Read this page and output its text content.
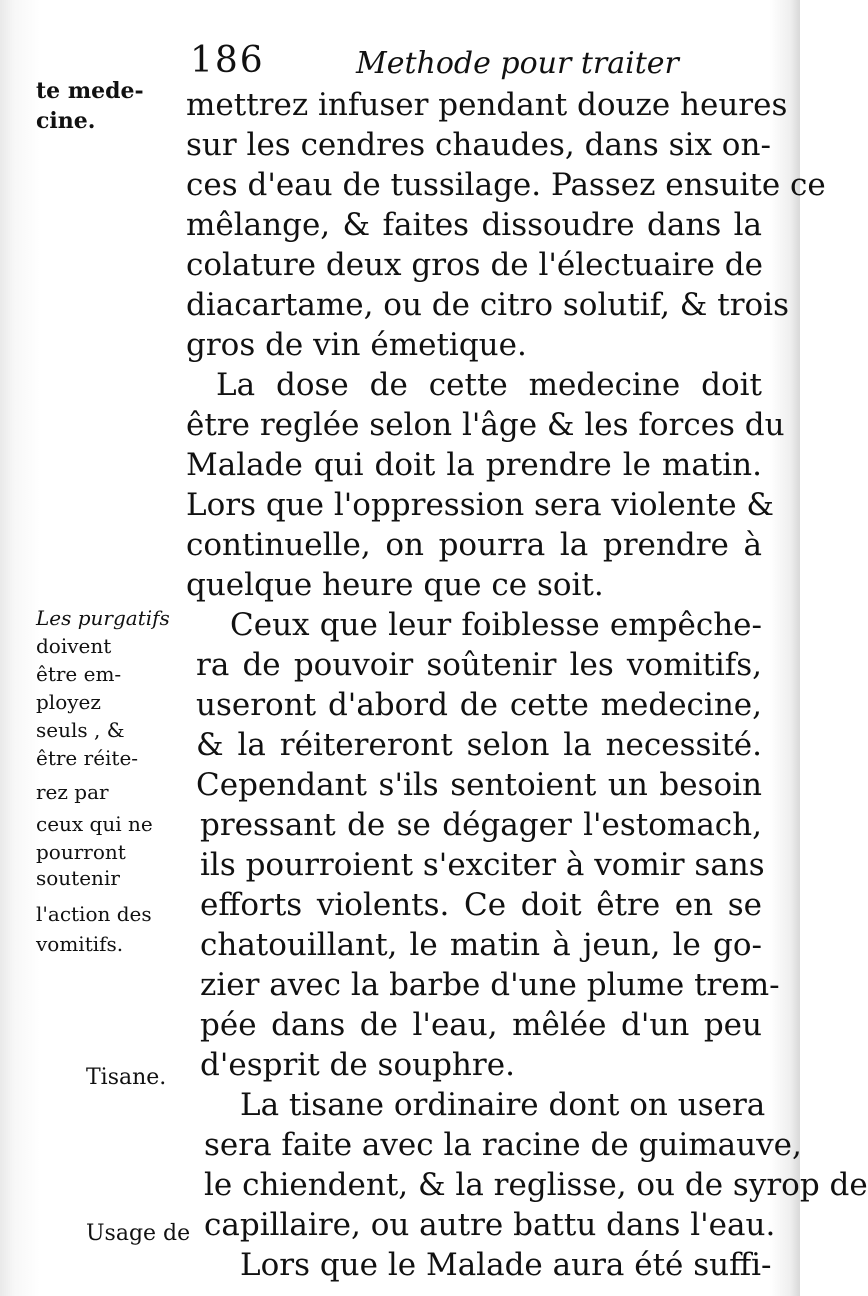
186	Methode pour traiter
te mede-
cine.	mettrez infuser pendant douze heures
sur les cendres chaudes, dans six on-
ces d'eau de tussilage. Passez ensuite ce
mêlange, & faites dissoudre dans la
colature deux gros de l'électuaire de
diacartame, ou de citro solutif, & trois
gros de vin émetique.
La dose de cette medecine doit
être reglée selon l'âge & les forces du
Malade qui doit la prendre le matin.
Lors que l'oppression sera violente &
continuelle, on pourra la prendre à
quelque heure que ce soit.
Ceux que leur foiblesse empêche-
ra de pouvoir soûtenir les vomitifs,
useront d'abord de cette medecine,
& la réitereront selon la necessité.
Cependant s'ils sentoient un besoin
pressant de se dégager l'estomach,
ils pourroient s'exciter à vomir sans
efforts violents. Ce doit être en se
chatouillant, le matin à jeun, le go-
zier avec la barbe d'une plume trem-
pée dans de l'eau, mêlée d'un peu
d'esprit de souphre.
La tisane ordinaire dont on usera
sera faite avec la racine de guimauve,
le chiendent, & la reglisse, ou de syrop de
capillaire, ou autre battu dans l'eau.
Lors que le Malade aura été suffi-
Les purgatifs
doivent
être em-
ployez
seuls , &
être réite-
rez par
ceux qui ne
pourront
soutenir
l'action des
vomitifs.
Tisane.
Usage de
